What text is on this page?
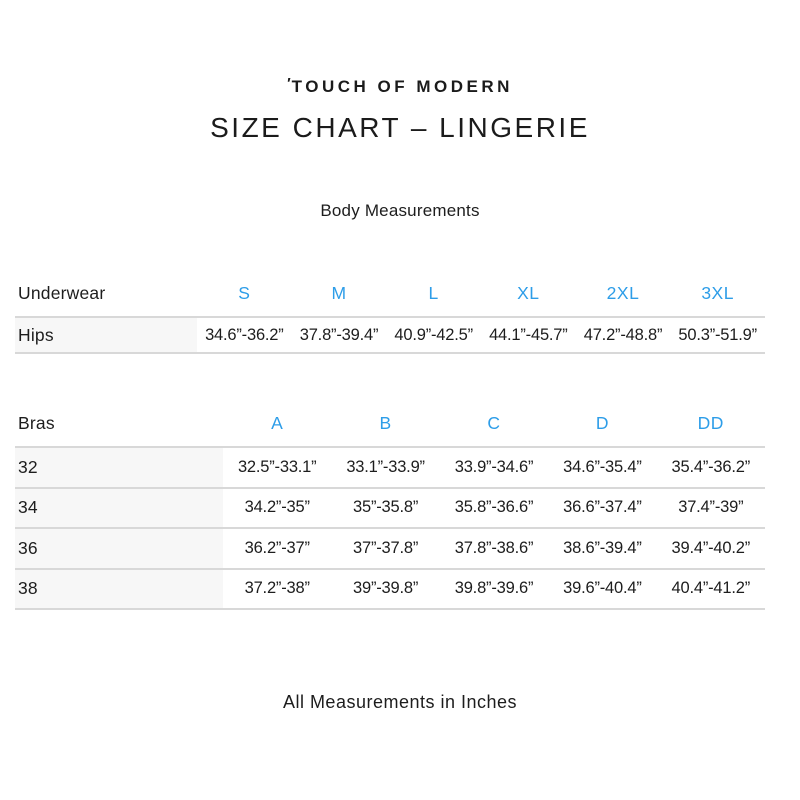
′TOUCH OF MODERN
SIZE CHART – LINGERIE
Body Measurements
Underwear	S	M	L	XL	2XL	3XL
Hips	34.6”-36.2” 37.8”-39.4” 40.9”-42.5” 44.1”-45.7” 47.2”-48.8” 50.3”-51.9”
Bras	A	B	C	D	DD
32	32.5”-33.1”	33.1”-33.9”	33.9”-34.6”	34.6”-35.4”	35.4”-36.2”
34	34.2”-35”	35”-35.8”	35.8”-36.6”	36.6”-37.4”	37.4”-39”
36	36.2”-37”	37”-37.8”	37.8”-38.6”	38.6”-39.4”	39.4”-40.2”
38	37.2”-38”	39”-39.8”	39.8”-39.6”	39.6”-40.4”	40.4”-41.2”
All Measurements in Inches
